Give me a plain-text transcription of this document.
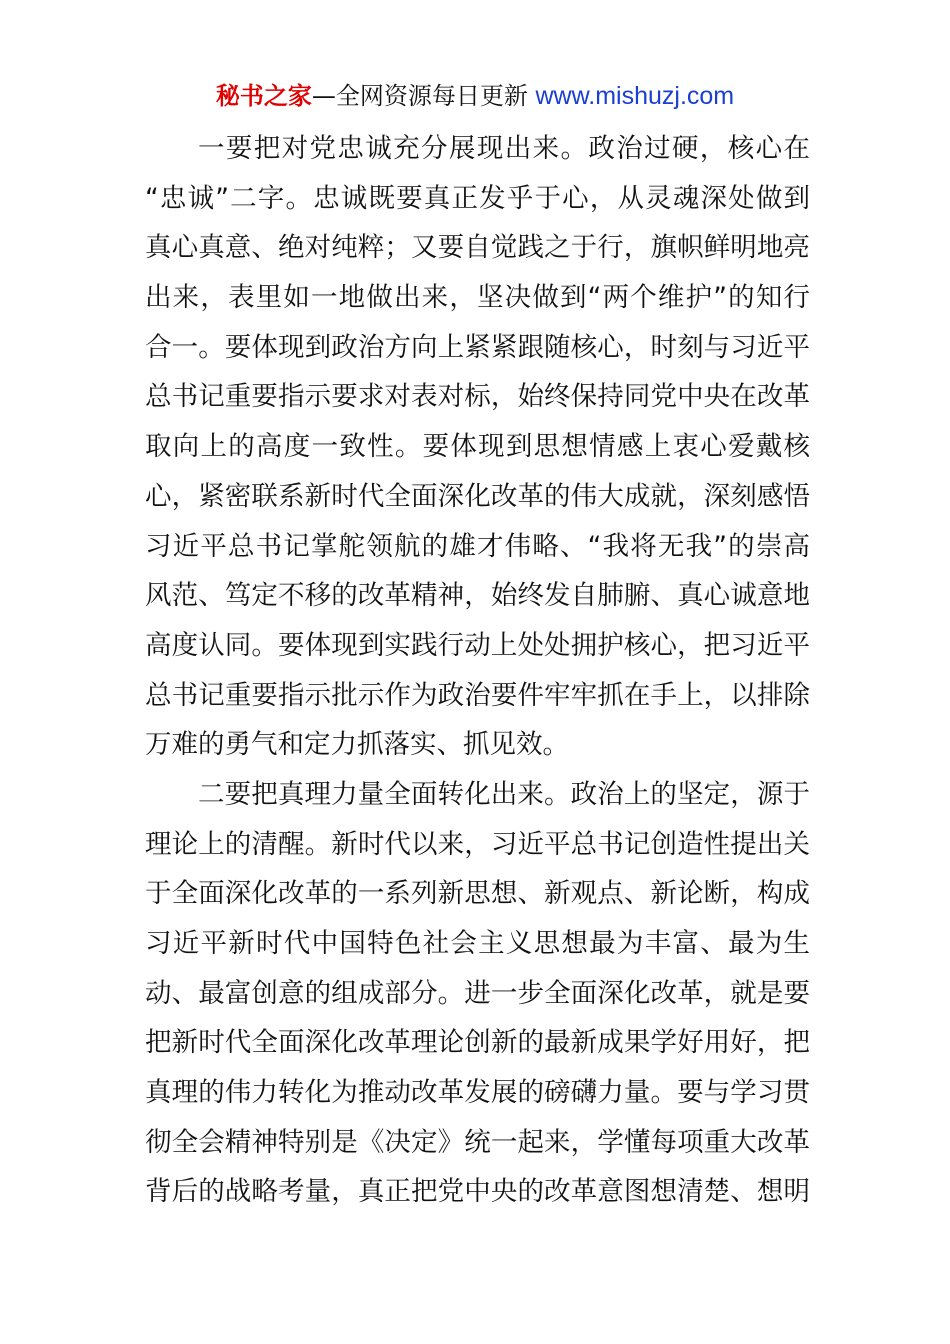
秘书之家—全网资源每日更新 www.mishuzj.com
一要把对党忠诚充分展现出来。政治过硬，核心在
“忠诚”二字。忠诚既要真正发乎于心，从灵魂深处做到
真心真意、绝对纯粹；又要自觉践之于行，旗帜鲜明地亮
出来，表里如一地做出来，坚决做到“两个维护”的知行
合一。要体现到政治方向上紧紧跟随核心，时刻与习近平
总书记重要指示要求对表对标，始终保持同党中央在改革
取向上的高度一致性。要体现到思想情感上衷心爱戴核
心，紧密联系新时代全面深化改革的伟大成就，深刻感悟
习近平总书记掌舵领航的雄才伟略、“我将无我”的崇高
风范、笃定不移的改革精神，始终发自肺腑、真心诚意地
高度认同。要体现到实践行动上处处拥护核心，把习近平
总书记重要指示批示作为政治要件牢牢抓在手上，以排除
万难的勇气和定力抓落实、抓见效。
二要把真理力量全面转化出来。政治上的坚定，源于
理论上的清醒。新时代以来，习近平总书记创造性提出关
于全面深化改革的一系列新思想、新观点、新论断，构成
习近平新时代中国特色社会主义思想最为丰富、最为生
动、最富创意的组成部分。进一步全面深化改革，就是要
把新时代全面深化改革理论创新的最新成果学好用好，把
真理的伟力转化为推动改革发展的磅礴力量。要与学习贯
彻全会精神特别是《决定》统一起来，学懂每项重大改革
背后的战略考量，真正把党中央的改革意图想清楚、想明
